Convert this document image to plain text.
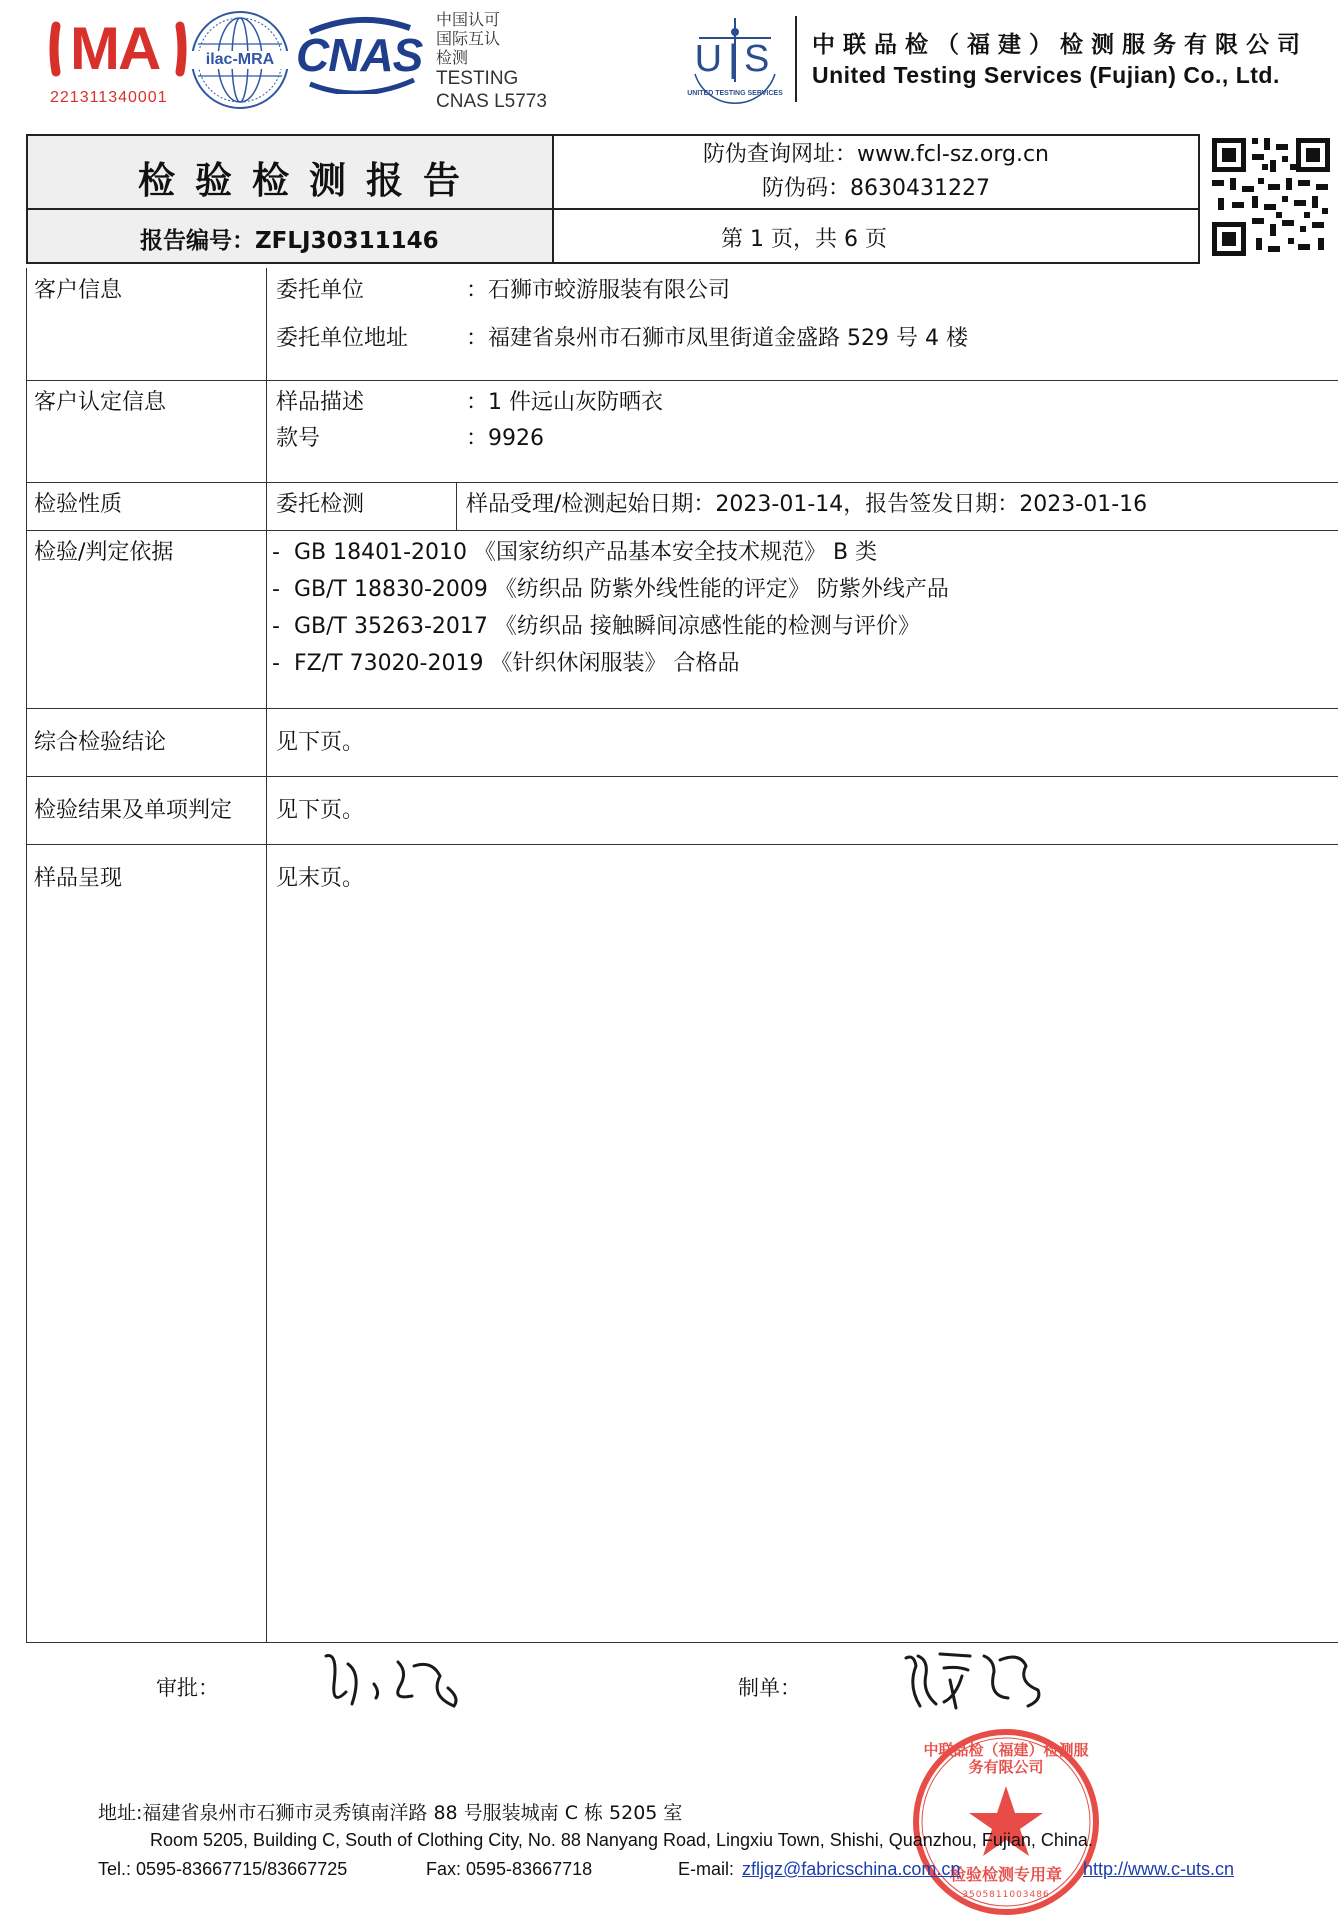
MA
221311340001
ilac-MRA CNAS
中国认可
国际互认
检测
TESTING
CNAS L5773
U|S
UNITED TESTING SERVICES
中联品检（福建）检测服务有限公司
United Testing Services (Fujian) Co., Ltd.
检验检测报告
防伪查询网址：www.fcl-sz.org.cn
防伪码：8630431227
报告编号：ZFLJ30311146	第 1 页，共 6 页
客户信息	委托单位	：石狮市蛟游服装有限公司
委托单位地址	：福建省泉州市石狮市凤里街道金盛路 529 号 4 楼
客户认定信息	样品描述	：1 件远山灰防晒衣
款号	：9926
检验性质	委托检测	样品受理/检测起始日期：2023-01-14，报告签发日期：2023-01-16
检验/判定依据	- GB 18401-2010 《国家纺织产品基本安全技术规范》 B 类
- GB/T 18830-2009 《纺织品 防紫外线性能的评定》 防紫外线产品
- GB/T 35263-2017 《纺织品 接触瞬间凉感性能的检测与评价》
- FZ/T 73020-2019 《针织休闲服装》 合格品
综合检验结论	见下页。
检验结果及单项判定 见下页。
样品呈现	见末页。
审批：	制单：
中联品检（福建）检测服务有限公司
检验检测专用章
3505811003486
地址:福建省泉州市石狮市灵秀镇南洋路 88 号服装城南 C 栋 5205 室
Room 5205, Building C, South of Clothing City, No. 88 Nanyang Road, Lingxiu Town, Shishi, Quanzhou, Fujian, China.
Tel.: 0595-83667715/83667725	Fax: 0595-83667718	E-mail: zfljqz@fabricschina.com.cn	http://www.c-uts.cn
